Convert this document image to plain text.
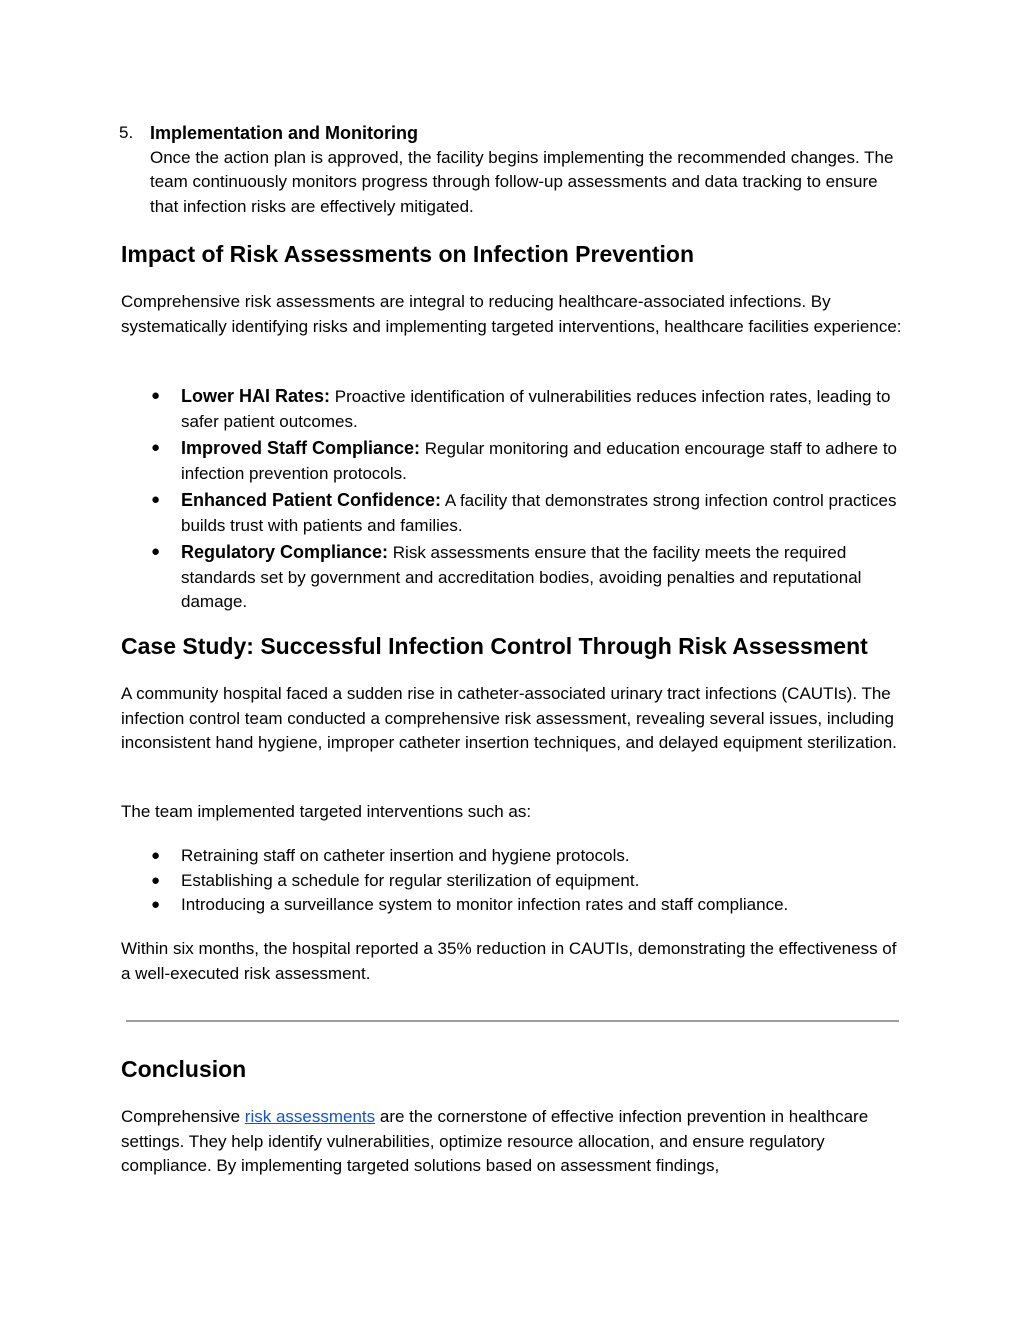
5. Implementation and Monitoring

Once the action plan is approved, the facility begins implementing the recommended changes. The team continuously monitors progress through follow-up assessments and data tracking to ensure that infection risks are effectively mitigated.

Impact of Risk Assessments on Infection Prevention

Comprehensive risk assessments are integral to reducing healthcare-associated infections. By systematically identifying risks and implementing targeted interventions, healthcare facilities experience:

● Lower HAI Rates: Proactive identification of vulnerabilities reduces infection rates, leading to safer patient outcomes.

● Improved Staff Compliance: Regular monitoring and education encourage staff to adhere to infection prevention protocols.

● Enhanced Patient Confidence: A facility that demonstrates strong infection control practices builds trust with patients and families.

● Regulatory Compliance: Risk assessments ensure that the facility meets the required standards set by government and accreditation bodies, avoiding penalties and reputational damage.

Case Study: Successful Infection Control Through Risk Assessment

A community hospital faced a sudden rise in catheter-associated urinary tract infections (CAUTIs). The infection control team conducted a comprehensive risk assessment, revealing several issues, including inconsistent hand hygiene, improper catheter insertion techniques, and delayed equipment sterilization.

The team implemented targeted interventions such as:

● Retraining staff on catheter insertion and hygiene protocols.

● Establishing a schedule for regular sterilization of equipment.

● Introducing a surveillance system to monitor infection rates and staff compliance.

Within six months, the hospital reported a 35% reduction in CAUTIs, demonstrating the effectiveness of a well-executed risk assessment.

Conclusion

Comprehensive risk assessments are the cornerstone of effective infection prevention in healthcare settings. They help identify vulnerabilities, optimize resource allocation, and ensure regulatory compliance. By implementing targeted solutions based on assessment findings,
